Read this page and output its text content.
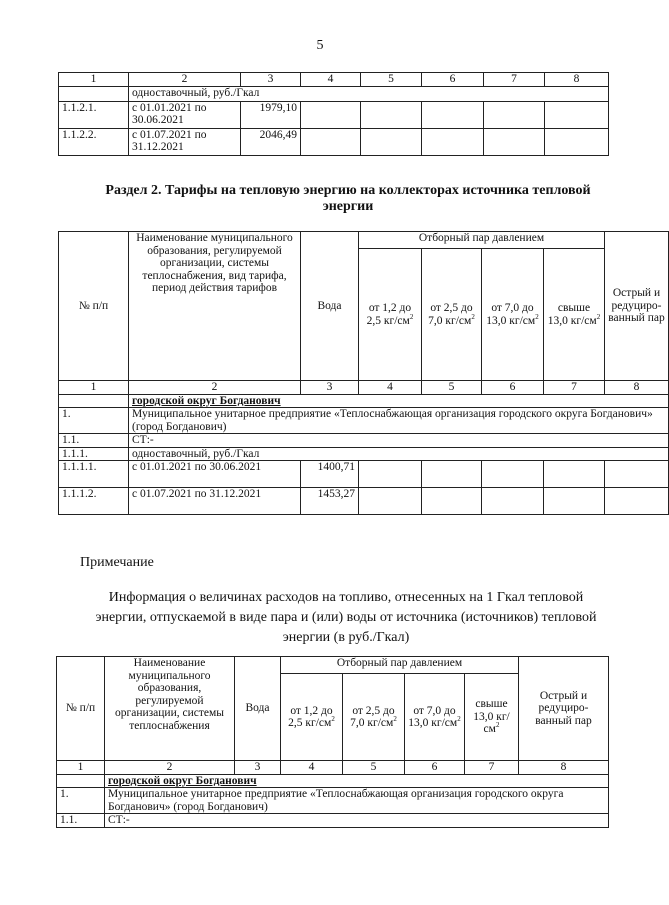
5
1	2	3	4	5	6	7	8
	одноставочный, руб./Гкал						
1.1.2.1.	с 01.01.2021 по 30.06.2021	1979,10					
1.1.2.2.	с 01.07.2021 по 31.12.2021	2046,49					
Раздел 2. Тарифы на тепловую энергию на коллекторах источника тепловой энергии
№ п/п	Наименование муниципального образования, регулируемой организации, системы теплоснабжения, вид тарифа, период действия тарифов	Вода	Отборный пар давлением				Острый и редуциро-ванный пар
			от 1,2 до 2,5 $кг/см^2$	от 2,5 до 7,0 $кг/см^2$	от 7,0 до 13,0 $кг/см^2$	свыше 13,0 $кг/см^2$
1	2	3	4	5	6	7	8
	городской округ Богданович						
1.	Муниципальное унитарное предприятие «Теплоснабжающая организация городского округа Богданович» (город Богданович)						
1.1.	СТ:-						
1.1.1.	одноставочный, руб./Гкал						
1.1.1.1.	с 01.01.2021 по 30.06.2021	1400,71					
1.1.1.2.	с 01.07.2021 по 31.12.2021	1453,27					
Примечание
Информация о величинах расходов на топливо, отнесенных на 1 Гкал тепловой энергии, отпускаемой в виде пара и (или) воды от источника (источников) тепловой энергии (в руб./Гкал)
№ п/п	Наименование муниципального образования, регулируемой организации, системы теплоснабжения	Вода	Отборный пар давлением				Острый и редуциро-ванный пар
			от 1,2 до 2,5 $кг/см^2$	от 2,5 до 7,0 $кг/см^2$	от 7,0 до 13,0 $кг/см^2$	свыше 13,0 $кг/см^2$
1	2	3	4	5	6	7	8
	городской округ Богданович						
1.	Муниципальное унитарное предприятие «Теплоснабжающая организация городского округа Богданович» (город Богданович)						
1.1.	СТ:-						
